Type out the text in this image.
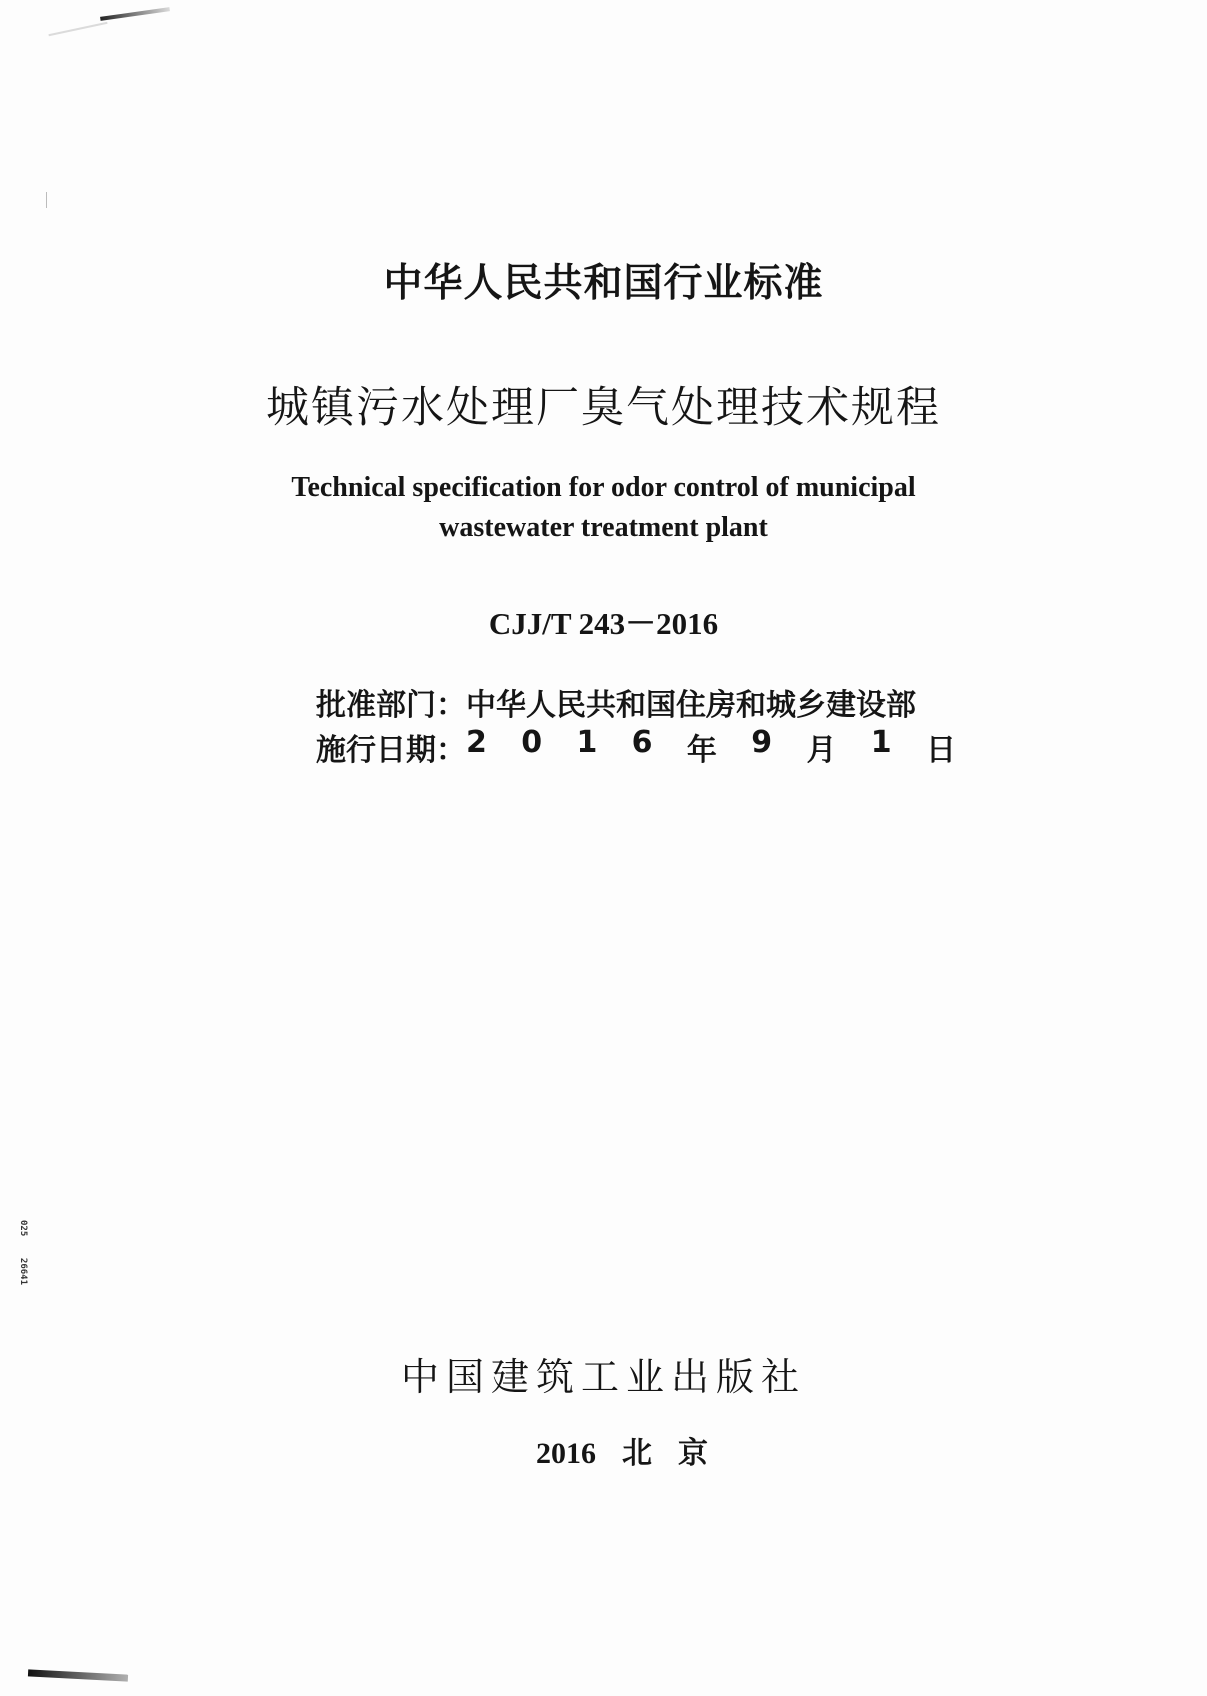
025    26641
中华人民共和国行业标准
城镇污水处理厂臭气处理技术规程
Technical specification for odor control of municipal
wastewater treatment plant
CJJ/T 243－2016
批准部门： 中华人民共和国住房和城乡建设部
施行日期： 2 0 1 6 年 9 月 1 日
中国建筑工业出版社
2016 北京
